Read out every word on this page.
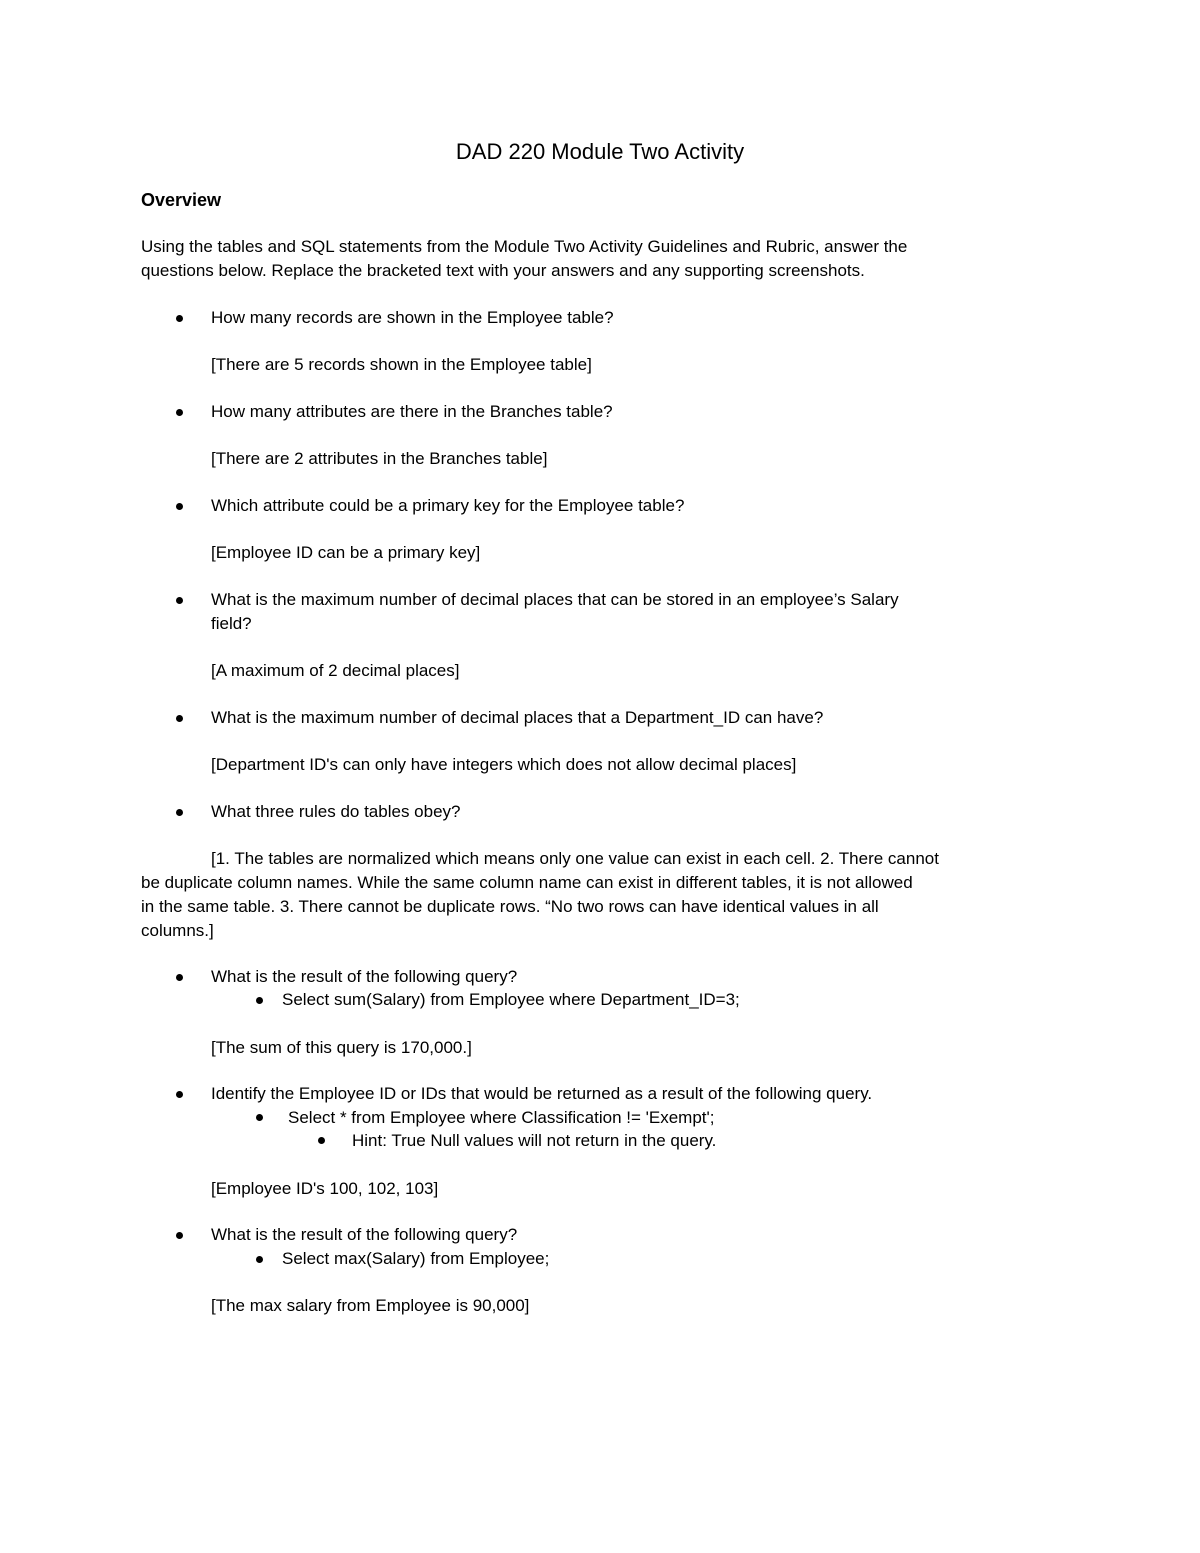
DAD 220 Module Two Activity
Overview
Using the tables and SQL statements from the Module Two Activity Guidelines and Rubric, answer the
questions below. Replace the bracketed text with your answers and any supporting screenshots.
How many records are shown in the Employee table?
[There are 5 records shown in the Employee table]
How many attributes are there in the Branches table?
[There are 2 attributes in the Branches table]
Which attribute could be a primary key for the Employee table?
[Employee ID can be a primary key]
What is the maximum number of decimal places that can be stored in an employee’s Salary
field?
[A maximum of 2 decimal places]
What is the maximum number of decimal places that a Department_ID can have?
[Department ID's can only have integers which does not allow decimal places]
What three rules do tables obey?
[1. The tables are normalized which means only one value can exist in each cell. 2. There cannot
be duplicate column names. While the same column name can exist in different tables, it is not allowed
in the same table. 3. There cannot be duplicate rows. “No two rows can have identical values in all
columns.]
What is the result of the following query?
Select sum(Salary) from Employee where Department_ID=3;
[The sum of this query is 170,000.]
Identify the Employee ID or IDs that would be returned as a result of the following query.
Select * from Employee where Classification != 'Exempt';
Hint: True Null values will not return in the query.
[Employee ID's 100, 102, 103]
What is the result of the following query?
Select max(Salary) from Employee;
[The max salary from Employee is 90,000]
